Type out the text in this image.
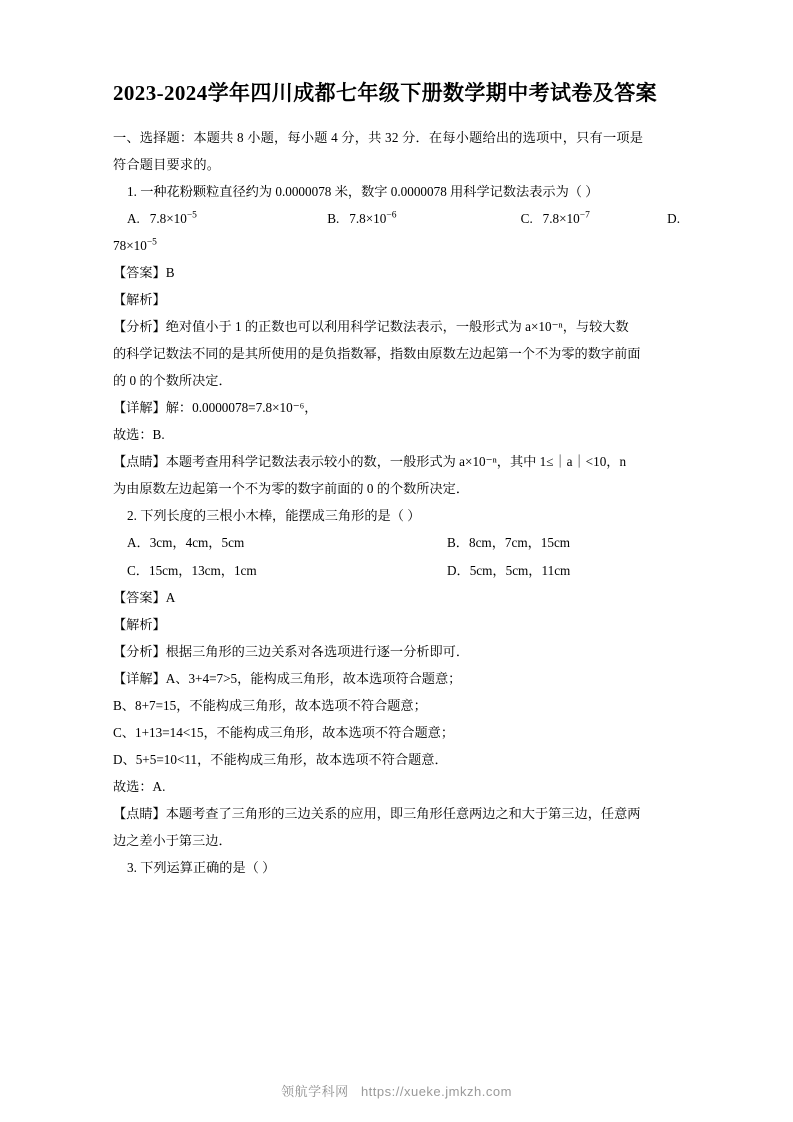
2023-2024学年四川成都七年级下册数学期中考试卷及答案

一、选择题：本题共 8 小题，每小题 4 分，共 32 分．在每小题给出的选项中，只有一项是

符合题目要求的。

1. 一种花粉颗粒直径约为 0.0000078 米，数字 0.0000078 用科学记数法表示为（ ）

A. $7.8\times 10^{-5}$	B. $7.8\times 10^{-6}$	C. $7.8\times 10^{-7}$	D.

$78\times 10^{-5}$

【答案】B

【解析】

【分析】绝对值小于 1 的正数也可以利用科学记数法表示，一般形式为 a×10⁻ⁿ，与较大数

的科学记数法不同的是其所使用的是负指数幂，指数由原数左边起第一个不为零的数字前面

的 0 的个数所决定．

【详解】解：0.0000078=7.8×10⁻⁶，

故选：B.

【点睛】本题考查用科学记数法表示较小的数，一般形式为 a×10⁻ⁿ，其中 1≤｜a｜<10，n

为由原数左边起第一个不为零的数字前面的 0 的个数所决定．

2. 下列长度的三根小木棒，能摆成三角形的是（ ）

A．3cm，4cm，5cm	B．8cm，7cm，15cm
C．15cm，13cm，1cm	D．5cm，5cm，11cm

【答案】A

【解析】

【分析】根据三角形的三边关系对各选项进行逐一分析即可．

【详解】A、3+4=7>5，能构成三角形，故本选项符合题意；

B、8+7=15，不能构成三角形，故本选项不符合题意；

C、1+13=14<15，不能构成三角形，故本选项不符合题意；

D、5+5=10<11，不能构成三角形，故本选项不符合题意．

故选：A.

【点睛】本题考查了三角形的三边关系的应用，即三角形任意两边之和大于第三边，任意两

边之差小于第三边．

3. 下列运算正确的是（ ）

领航学科网 https://xueke.jmkzh.com
